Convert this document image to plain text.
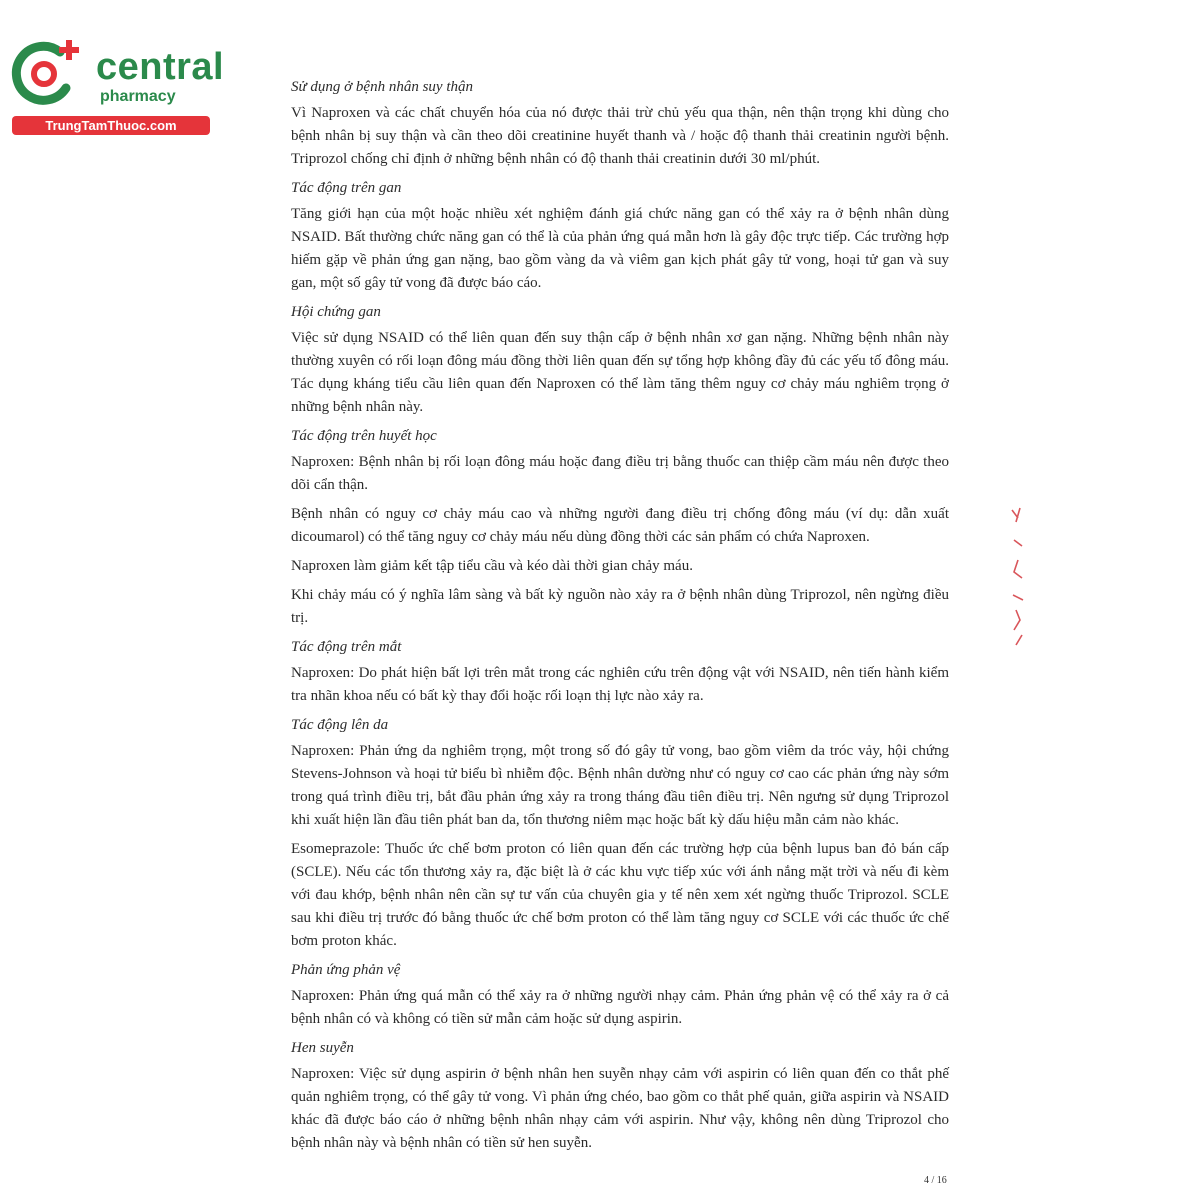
central
pharmacy
TrungTamThuoc.com
Sử dụng ở bệnh nhân suy thận
Vì Naproxen và các chất chuyển hóa của nó được thải trừ chủ yếu qua thận, nên thận trọng khi dùng cho bệnh nhân bị suy thận và cần theo dõi creatinine huyết thanh và / hoặc độ thanh thải creatinin người bệnh. Triprozol chống chỉ định ở những bệnh nhân có độ thanh thải creatinin dưới 30 ml/phút.
Tác động trên gan
Tăng giới hạn của một hoặc nhiều xét nghiệm đánh giá chức năng gan có thể xảy ra ở bệnh nhân dùng NSAID. Bất thường chức năng gan có thể là của phản ứng quá mẫn hơn là gây độc trực tiếp. Các trường hợp hiếm gặp về phản ứng gan nặng, bao gồm vàng da và viêm gan kịch phát gây tử vong, hoại tử gan và suy gan, một số gây tử vong đã được báo cáo.
Hội chứng gan
Việc sử dụng NSAID có thể liên quan đến suy thận cấp ở bệnh nhân xơ gan nặng. Những bệnh nhân này thường xuyên có rối loạn đông máu đồng thời liên quan đến sự tổng hợp không đầy đủ các yếu tố đông máu. Tác dụng kháng tiểu cầu liên quan đến Naproxen có thể làm tăng thêm nguy cơ chảy máu nghiêm trọng ở những bệnh nhân này.
Tác động trên huyết học
Naproxen: Bệnh nhân bị rối loạn đông máu hoặc đang điều trị bằng thuốc can thiệp cầm máu nên được theo dõi cẩn thận.
Bệnh nhân có nguy cơ chảy máu cao và những người đang điều trị chống đông máu (ví dụ: dẫn xuất dicoumarol) có thể tăng nguy cơ chảy máu nếu dùng đồng thời các sản phẩm có chứa Naproxen.
Naproxen làm giảm kết tập tiểu cầu và kéo dài thời gian chảy máu.
Khi chảy máu có ý nghĩa lâm sàng và bất kỳ nguồn nào xảy ra ở bệnh nhân dùng Triprozol, nên ngừng điều trị.
Tác động trên mắt
Naproxen: Do phát hiện bất lợi trên mắt trong các nghiên cứu trên động vật với NSAID, nên tiến hành kiểm tra nhãn khoa nếu có bất kỳ thay đổi hoặc rối loạn thị lực nào xảy ra.
Tác động lên da
Naproxen: Phản ứng da nghiêm trọng, một trong số đó gây tử vong, bao gồm viêm da tróc vảy, hội chứng Stevens-Johnson và hoại tử biểu bì nhiễm độc. Bệnh nhân dường như có nguy cơ cao các phản ứng này sớm trong quá trình điều trị, bắt đầu phản ứng xảy ra trong tháng đầu tiên điều trị. Nên ngưng sử dụng Triprozol khi xuất hiện lần đầu tiên phát ban da, tổn thương niêm mạc hoặc bất kỳ dấu hiệu mẫn cảm nào khác.
Esomeprazole: Thuốc ức chế bơm proton có liên quan đến các trường hợp của bệnh lupus ban đỏ bán cấp (SCLE). Nếu các tổn thương xảy ra, đặc biệt là ở các khu vực tiếp xúc với ánh nắng mặt trời và nếu đi kèm với đau khớp, bệnh nhân nên cần sự tư vấn của chuyên gia y tế nên xem xét ngừng thuốc Triprozol. SCLE sau khi điều trị trước đó bằng thuốc ức chế bơm proton có thể làm tăng nguy cơ SCLE với các thuốc ức chế bơm proton khác.
Phản ứng phản vệ
Naproxen: Phản ứng quá mẫn có thể xảy ra ở những người nhạy cảm. Phản ứng phản vệ có thể xảy ra ở cả bệnh nhân có và không có tiền sử mẫn cảm hoặc sử dụng aspirin.
Hen suyễn
Naproxen: Việc sử dụng aspirin ở bệnh nhân hen suyễn nhạy cảm với aspirin có liên quan đến co thắt phế quản nghiêm trọng, có thể gây tử vong. Vì phản ứng chéo, bao gồm co thắt phế quản, giữa aspirin và NSAID khác đã được báo cáo ở những bệnh nhân nhạy cảm với aspirin. Như vậy, không nên dùng Triprozol cho bệnh nhân này và bệnh nhân có tiền sử hen suyễn.
4 / 16
